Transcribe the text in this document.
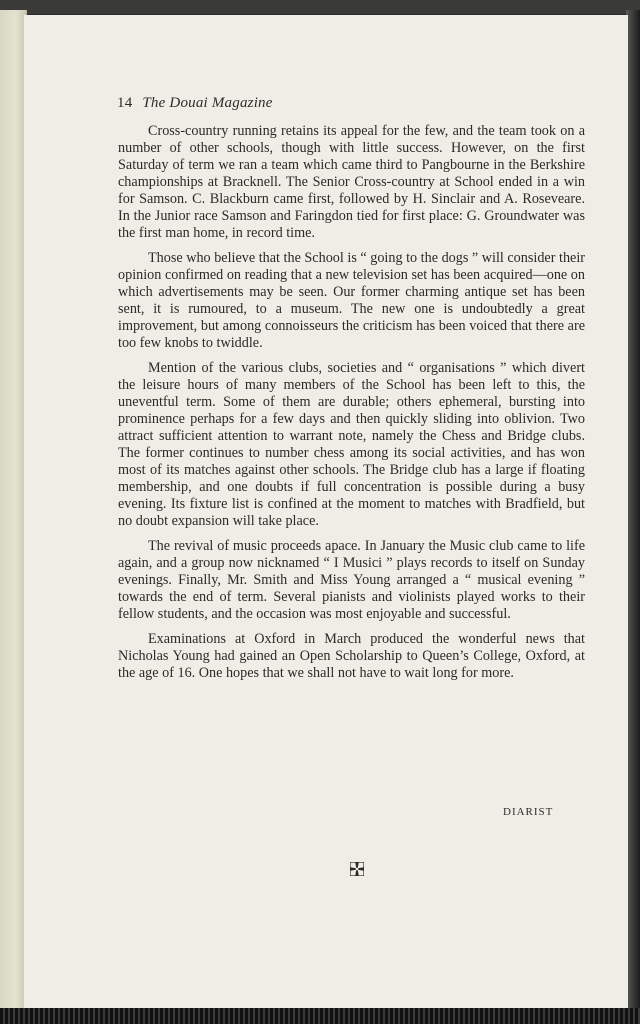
14 The Douai Magazine

Cross-country running retains its appeal for the few, and the team took on a number of other schools, though with little success. However, on the first Saturday of term we ran a team which came third to Pangbourne in the Berkshire championships at Bracknell. The Senior Cross-country at School ended in a win for Samson. C. Blackburn came first, followed by H. Sinclair and A. Roseveare. In the Junior race Samson and Faringdon tied for first place: G. Groundwater was the first man home, in record time.

Those who believe that the School is “ going to the dogs ” will consider their opinion confirmed on reading that a new television set has been acquired—one on which advertisements may be seen. Our former charming antique set has been sent, it is rumoured, to a museum. The new one is undoubtedly a great improvement, but among connoisseurs the criticism has been voiced that there are too few knobs to twiddle.

Mention of the various clubs, societies and “ organisations ” which divert the leisure hours of many members of the School has been left to this, the uneventful term. Some of them are durable; others ephemeral, bursting into prominence perhaps for a few days and then quickly sliding into oblivion. Two attract sufficient attention to warrant note, namely the Chess and Bridge clubs. The former continues to number chess among its social activities, and has won most of its matches against other schools. The Bridge club has a large if floating membership, and one doubts if full concentration is possible during a busy evening. Its fixture list is confined at the moment to matches with Bradfield, but no doubt expansion will take place.

The revival of music proceeds apace. In January the Music club came to life again, and a group now nicknamed “ I Musici ” plays records to itself on Sunday evenings. Finally, Mr. Smith and Miss Young arranged a “ musical evening ” towards the end of term. Several pianists and violinists played works to their fellow students, and the occasion was most enjoyable and successful.

Examinations at Oxford in March produced the wonderful news that Nicholas Young had gained an Open Scholarship to Queen’s College, Oxford, at the age of 16. One hopes that we shall not have to wait long for more.

DIARIST
